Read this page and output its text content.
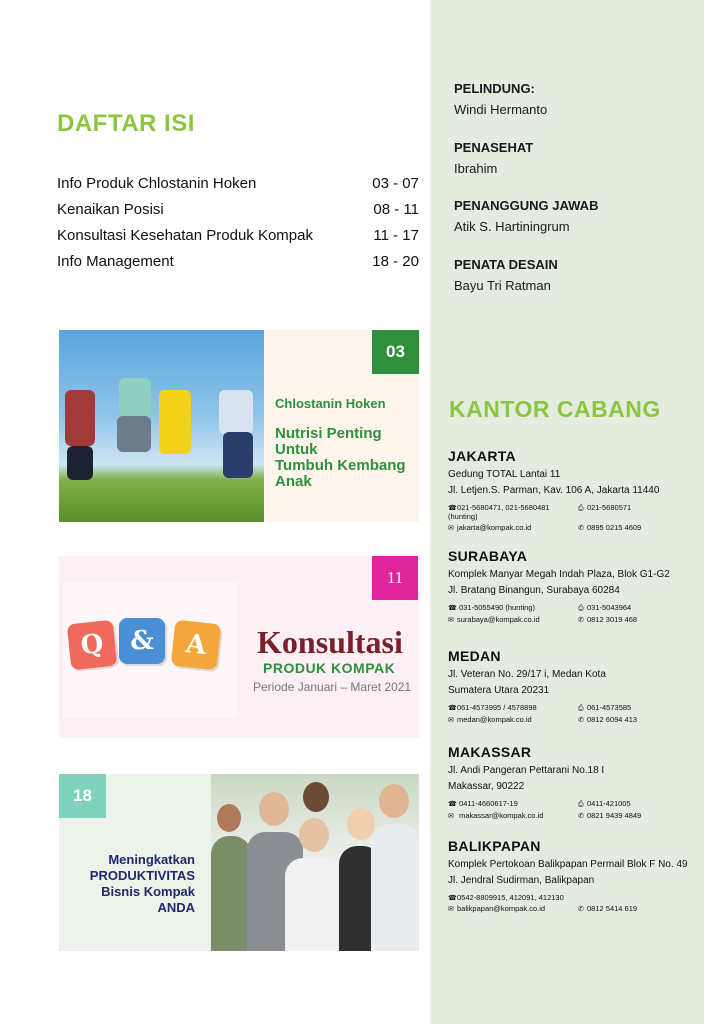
DAFTAR ISI
Info Produk Chlostanin Hoken	03 - 07
Kenaikan Posisi	08 - 11
Konsultasi Kesehatan Produk Kompak	11 - 17
Info Management	18 - 20
03
Chlostanin Hoken
Nutrisi Penting
Untuk
Tumbuh Kembang
Anak
Q &	A
11
Konsultasi
PRODUK KOMPAK
Periode Januari – Maret 2021
18
Meningkatkan
PRODUKTIVITAS
Bisnis Kompak
ANDA
PELINDUNG:
Windi Hermanto
PENASEHAT
Ibrahim
PENANGGUNG JAWAB
Atik S. Hartiningrum
PENATA DESAIN
Bayu Tri Ratman
KANTOR CABANG
JAKARTA
Gedung TOTAL Lantai 11
Jl. Letjen.S. Parman, Kav. 106 A, Jakarta 11440
☎021-5680471, 021-5680481 (hunting)
⎙ 021-5680571
✉ jakarta@kompak.co.id	✆ 0895 0215 4609
SURABAYA
Komplek Manyar Megah Indah Plaza, Blok G1-G2
Jl. Bratang Binangun, Surabaya 60284
☎ 031-5055490 (hunting)	⎙ 031-5043964
✉ surabaya@kompak.co.id	✆ 0812 3019 468
MEDAN
Jl. Veteran No. 29/17 i, Medan Kota
Sumatera Utara 20231
☎061-4573995 / 4578898	⎙ 061-4573585
✉ medan@kompak.co.id	✆ 0812 6094 413
MAKASSAR
Jl. Andi Pangeran Pettarani No.18 I
Makassar, 90222
☎ 0411-4660617-19	⎙ 0411-421005
✉ makassar@kompak.co.id	✆ 0821 9439 4849
BALIKPAPAN
Komplek Pertokoan Balikpapan Permail Blok F No. 49
Jl. Jendral Sudirman, Balikpapan
☎0542-8809915, 412091, 412130
✉ balikpapan@kompak.co.id	✆ 0812 5414 619
